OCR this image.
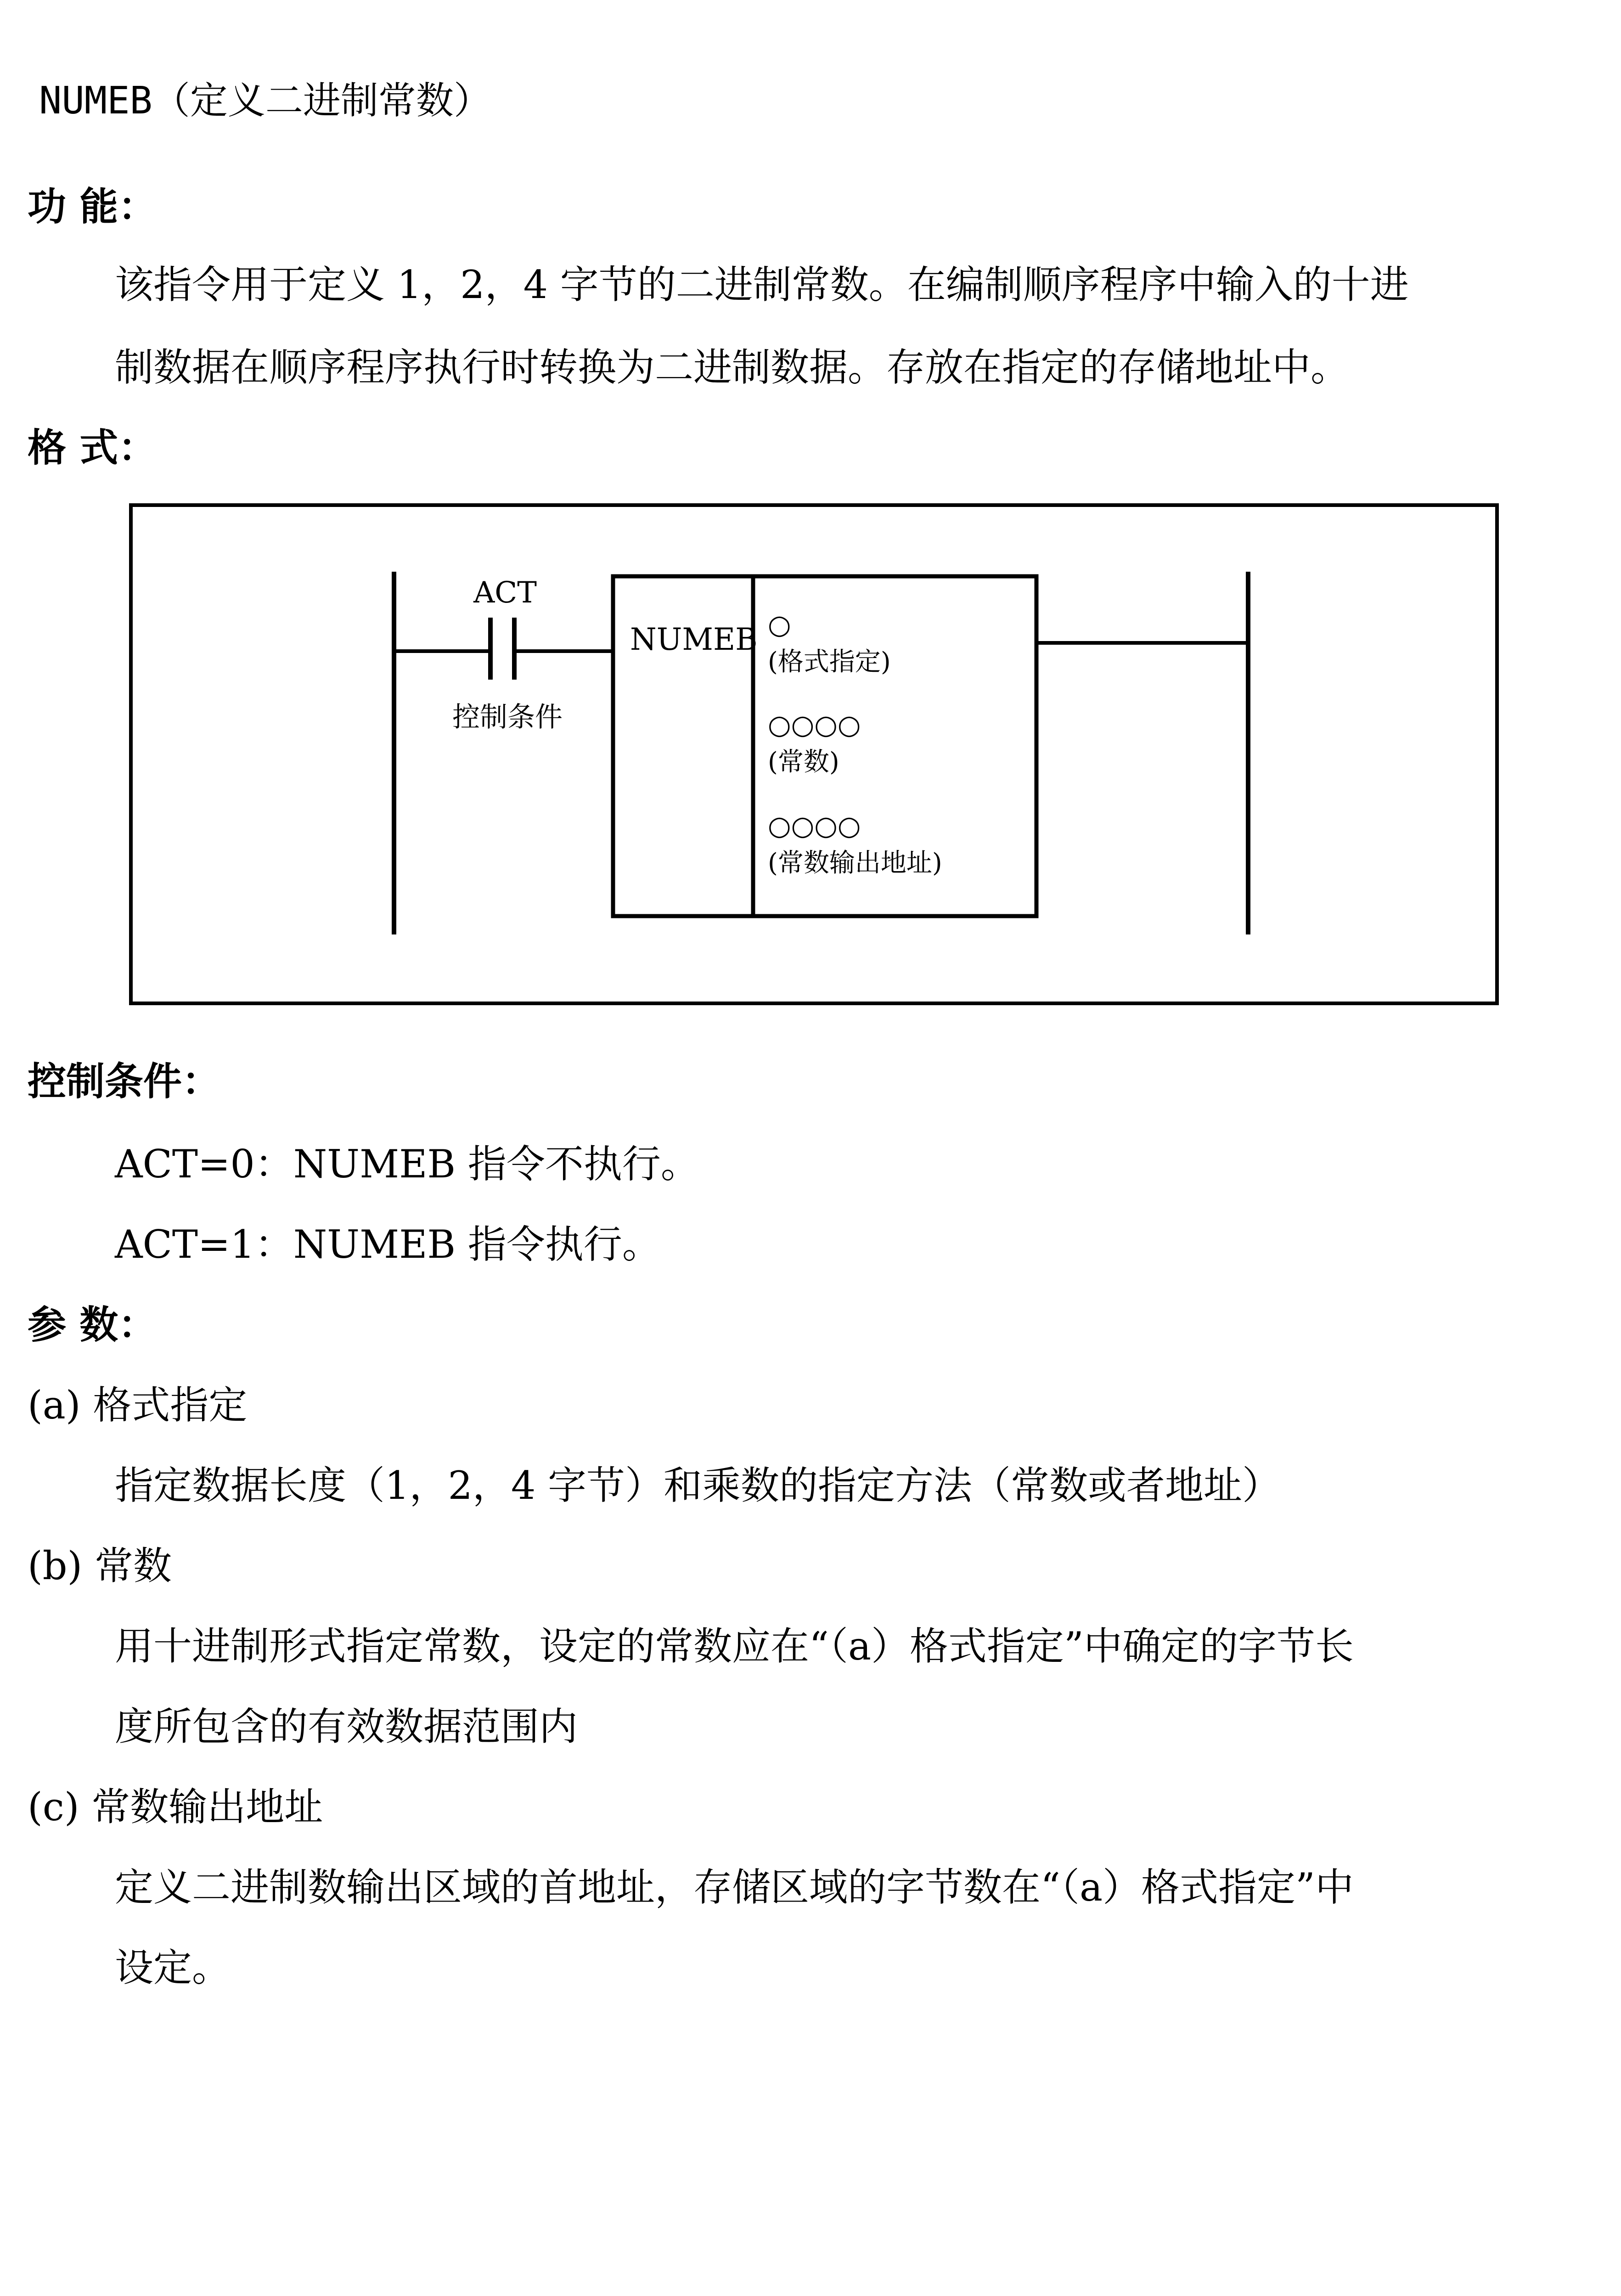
NUMEB（定义二进制常数）
功 能：
该指令用于定义 1，2，4 字节的二进制常数。在编制顺序程序中输入的十进
制数据在顺序程序执行时转换为二进制数据。存放在指定的存储地址中。
格 式：
ACT
控制条件
NUMEB ○
(格式指定)
○○○○
(常数)
○○○○
(常数输出地址)
控制条件：
ACT=0：NUMEB 指令不执行。
ACT=1：NUMEB 指令执行。
参 数：
(a) 格式指定
指定数据长度（1，2，4 字节）和乘数的指定方法（常数或者地址）
(b) 常数
用十进制形式指定常数，设定的常数应在“（a）格式指定”中确定的字节长
度所包含的有效数据范围内
(c) 常数输出地址
定义二进制数输出区域的首地址，存储区域的字节数在“（a）格式指定”中
设定。
